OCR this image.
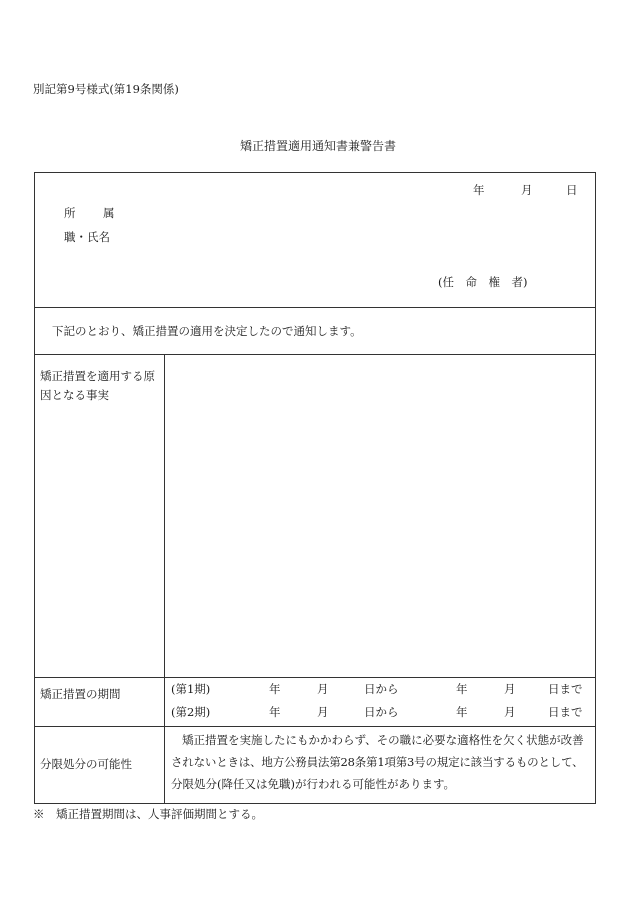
別記第9号様式(第19条関係)
矯正措置適用通知書兼警告書
年	月	日
所　属
職・氏名
(任　命　権　者)
下記のとおり、矯正措置の適用を決定したので通知します。
矯正措置を適用する原
因となる事実
矯正措置の期間	(第1期)	年	月	日から	年	月	日まで
(第2期)	年	月	日から	年	月	日まで
分限処分の可能性
矯正措置を実施したにもかかわらず、その職に必要な適格性を欠く状態が改善
されないときは、地方公務員法第28条第1項第3号の規定に該当するものとして、
分限処分(降任又は免職)が行われる可能性があります。
※　矯正措置期間は、人事評価期間とする。
